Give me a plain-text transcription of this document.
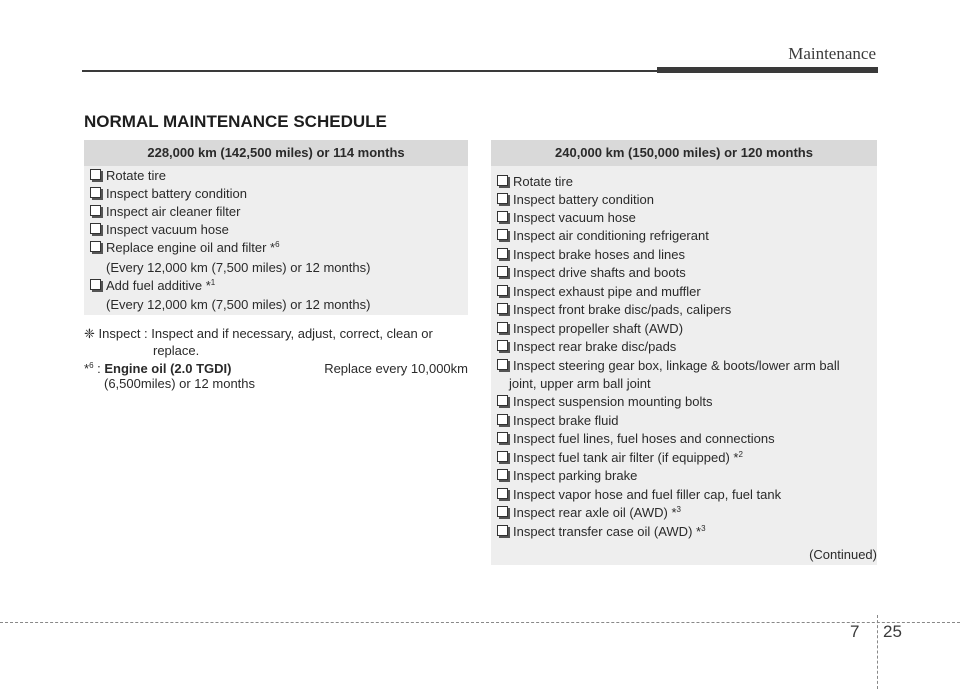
Maintenance
NORMAL MAINTENANCE SCHEDULE
228,000 km (142,500 miles) or 114 months
Rotate tire
Inspect battery condition
Inspect air cleaner filter
Inspect vacuum hose
Replace engine oil and filter *$^6$
(Every 12,000 km (7,500 miles) or 12 months)
Add fuel additive *$^1$
(Every 12,000 km (7,500 miles) or 12 months)
❈ Inspect : Inspect and if necessary, adjust, correct, clean or
replace.
*$^6$ : Engine oil (2.0 TGDI)	Replace every 10,000km
(6,500miles) or 12 months
240,000 km (150,000 miles) or 120 months
Rotate tire
Inspect battery condition
Inspect vacuum hose
Inspect air conditioning refrigerant
Inspect brake hoses and lines
Inspect drive shafts and boots
Inspect exhaust pipe and muffler
Inspect front brake disc/pads, calipers
Inspect propeller shaft (AWD)
Inspect rear brake disc/pads
Inspect steering gear box, linkage & boots/lower arm ball
joint, upper arm ball joint
Inspect suspension mounting bolts
Inspect brake fluid
Inspect fuel lines, fuel hoses and connections
Inspect fuel tank air filter (if equipped) *$^2$
Inspect parking brake
Inspect vapor hose and fuel filler cap, fuel tank
Inspect rear axle oil (AWD) *$^3$
Inspect transfer case oil (AWD) *$^3$
(Continued)
7 25
